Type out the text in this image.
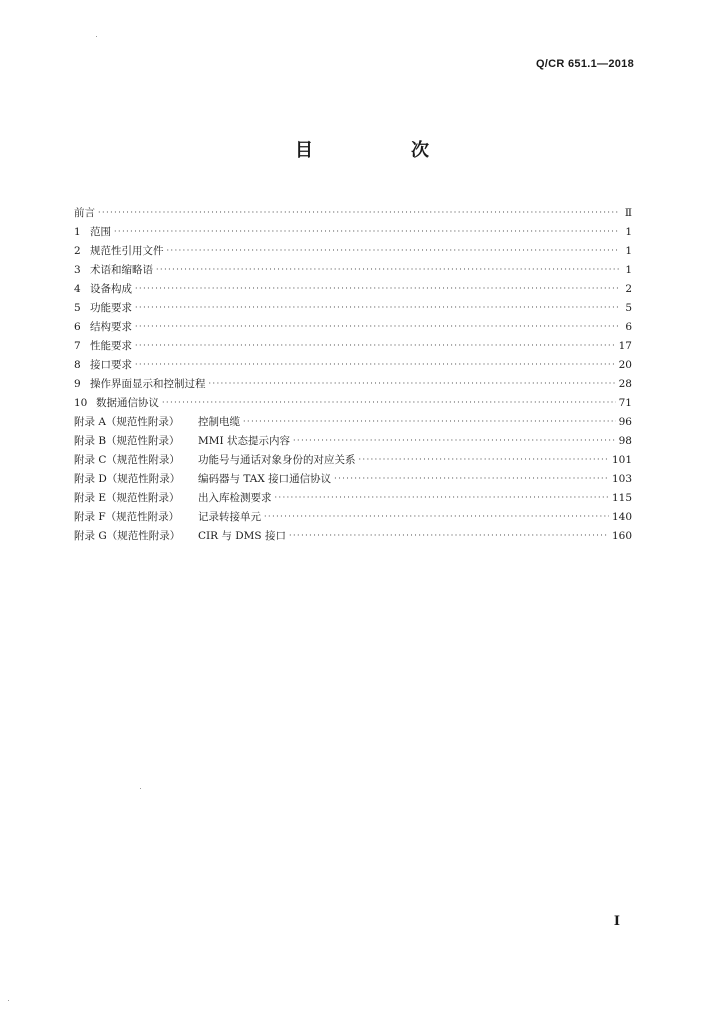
Q/CR 651.1—2018
目　次
前言 ·····	Ⅱ
1 范围 ·····	1
2 规范性引用文件 ·····	1
3 术语和缩略语 ·····	1
4 设备构成 ·····	2
5 功能要求 ·····	5
6 结构要求 ·····	6
7 性能要求 ·····	17
8 接口要求 ·····	20
9 操作界面显示和控制过程 ·····	28
10 数据通信协议 ·····	71
附录 A（规范性附录）	控制电缆 ·····	96
附录 B（规范性附录）	MMI 状态提示内容 ·····	98
附录 C（规范性附录）	功能号与通话对象身份的对应关系 ·····	101
附录 D（规范性附录）	编码器与 TAX 接口通信协议 ·····	103
附录 E（规范性附录）	出入库检测要求 ·····	115
附录 F（规范性附录）	记录转接单元 ·····	140
附录 G（规范性附录）	CIR 与 DMS 接口 ·····	160
Ⅰ
